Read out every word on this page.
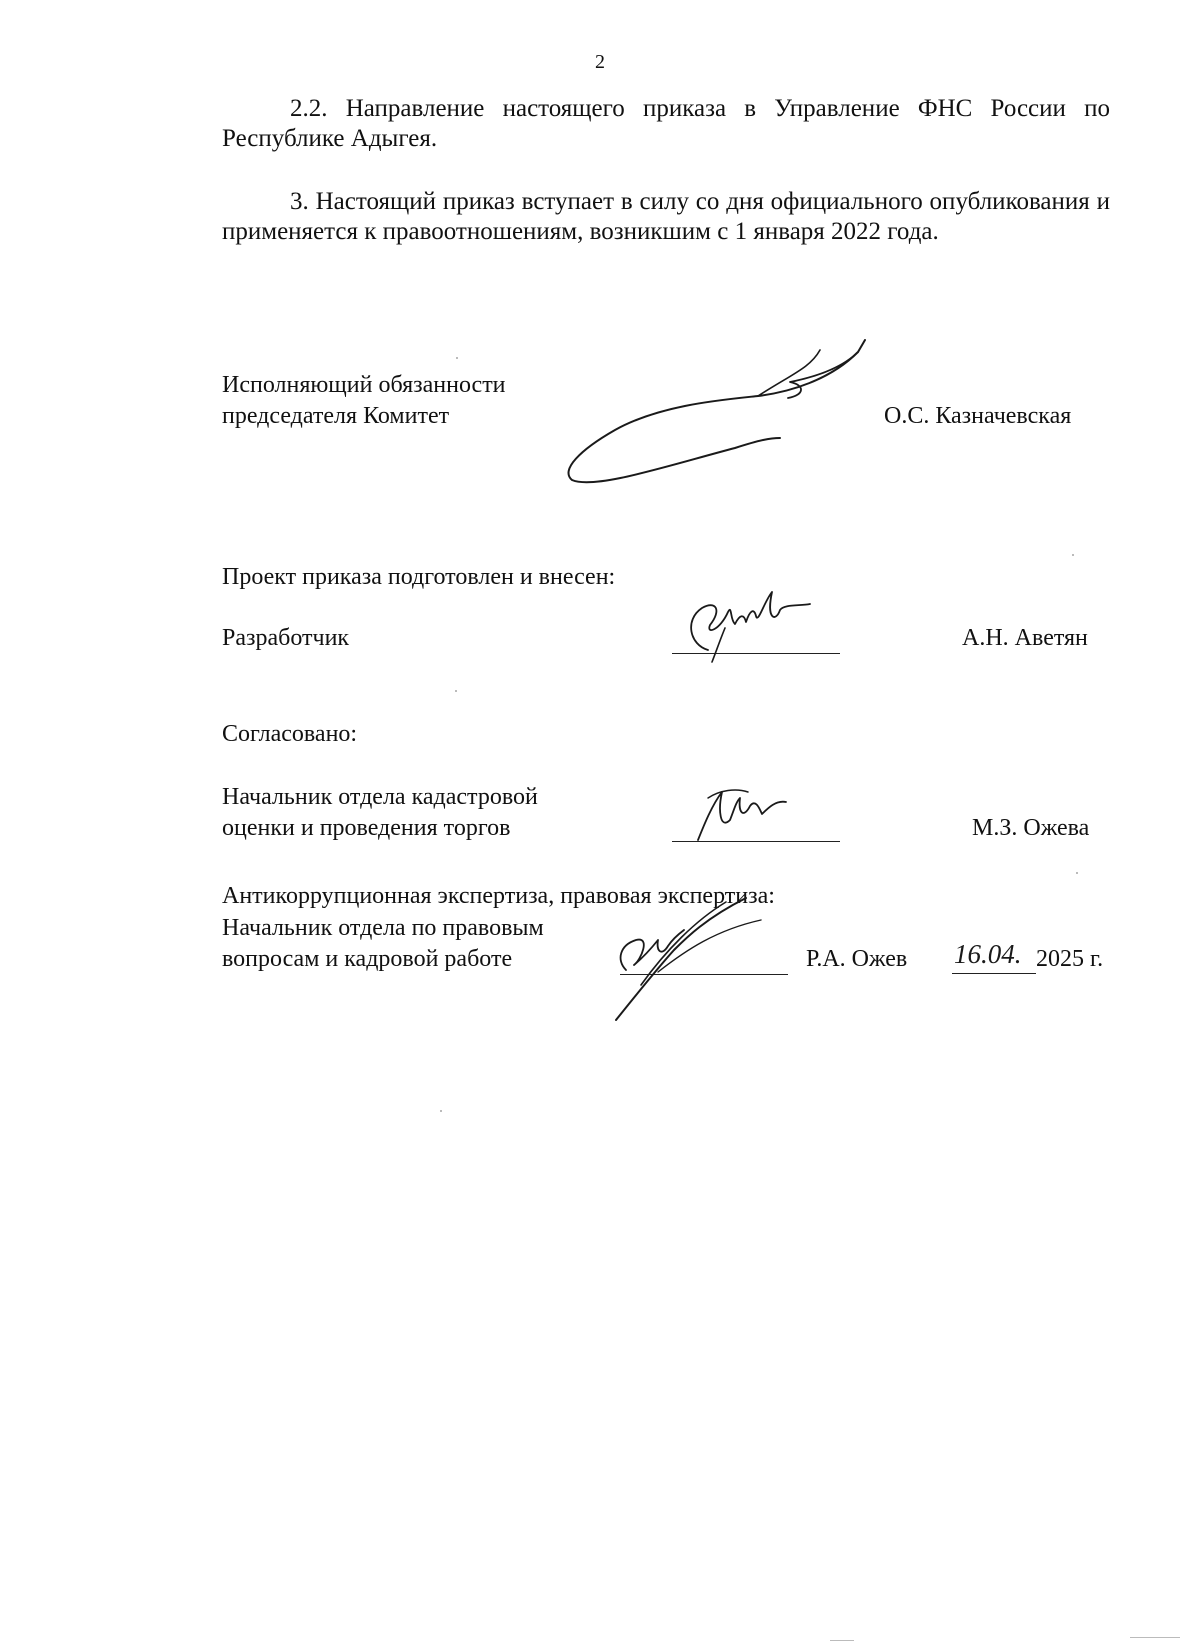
2
2.2. Направление настоящего приказа в Управление ФНС России по Республике Адыгея.
3. Настоящий приказ вступает в силу со дня официального опубликования и применяется к правоотношениям, возникшим с 1 января 2022 года.
Исполняющий обязанности
председателя Комитет	О.С. Казначевская
Проект приказа подготовлен и внесен:
Разработчик	А.Н. Аветян
Согласовано:
Начальник отдела кадастровой
оценки и проведения торгов	М.З. Ожева
Антикоррупционная экспертиза, правовая экспертиза:
Начальник отдела по правовым
вопросам и кадровой работе	Р.А. Ожев 16.04. 2025 г.
